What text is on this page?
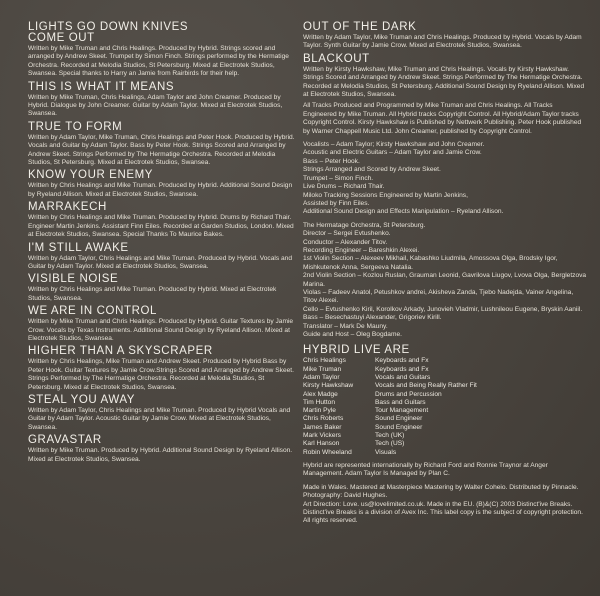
LIGHTS GO DOWN KNIVES
COME OUT

Written by Mike Truman and Chris Healings. Produced by Hybrid. Strings scored and arranged by Andrew Skeet. Trumpet by Simon Finch. Strings performed by the Hermatige Orchestra. Recorded at Melodia Studios, St Petersburg. Mixed at Electrotek Studios, Swansea. Special thanks to Harry an Jamie from Rairbirds for their help.

THIS IS WHAT IT MEANS

Written by Mike Truman, Chris Healings, Adam Taylor and John Creamer. Produced by Hybrid. Dialogue by John Creamer. Guitar by Adam Taylor. Mixed at Electrotek Studios, Swansea.

TRUE TO FORM

Written by Adam Taylor, Mike Truman, Chris Healings and Peter Hook. Produced by Hybrid. Vocals and Guitar by Adam Taylor. Bass by Peter Hook. Strings Scored and Arranged by Andrew Skeet. Strings Performed by The Hermatige Orchestra. Recorded at Melodia Studios, St Petersburg. Mixed at Electrotek Studios, Swansea.

KNOW YOUR ENEMY

Written by Chris Healings and Mike Truman. Produced by Hybrid. Additional Sound Design by Ryeland Allison. Mixed at Electrotek Studios, Swansea.

MARRAKECH

Written by Chris Healings and Mike Truman. Produced by Hybrid. Drums by Richard Thair. Engineer Martin Jenkins. Assistant Finn Eiles. Recorded at Garden Studios, London. Mixed at Electrotek Studios, Swansea. Special Thanks To Maurice Bakes.

I'M STILL AWAKE

Written by Adam Taylor, Chris Healings and Mike Truman. Produced by Hybrid. Vocals and Guitar by Adam Taylor. Mixed at Electrotek Studios, Swansea.

VISIBLE NOISE

Written by Chris Healings and Mike Truman. Produced by Hybrid. Mixed at Electrotek Studios, Swansea.

WE ARE IN CONTROL

Written by Mike Truman and Chris Healings. Produced by Hybrid. Guitar Textures by Jamie Crow. Vocals by Texas Instruments. Additional Sound Design by Ryeland Allison. Mixed at Electrotek Studios, Swansea.

HIGHER THAN A SKYSCRAPER

Written by Chris Healings, Mike Truman and Andrew Skeet. Produced by Hybrid Bass by Peter Hook. Guitar Textures by Jamie Crow.Strings Scored and Arranged by Andrew Skeet. Strings Performed by The Hermatige Orchestra. Recorded at Melodia Studios, St Petersburg. Mixed at Electrotek Studios, Swansea.

STEAL YOU AWAY

Written by Adam Taylor, Chris Healings and Mike Truman. Produced by Hybrid Vocals and Guitar by Adam Taylor. Acoustic Guitar by Jamie Crow. Mixed at Electrotek Studios, Swansea.

GRAVASTAR

Written by Mike Truman. Produced by Hybrid. Additional Sound Design by Ryeland Allison. Mixed at Electrotek Studios, Swansea.

OUT OF THE DARK

Written by Adam Taylor, Mike Truman and Chris Healings. Produced by Hybrid. Vocals by Adam Taylor. Synth Guitar by Jamie Crow. Mixed at Electrotek Studios, Swansea.

BLACKOUT

Written by Kirsty Hawkshaw, Mike Truman and Chris Healings. Vocals by Kirsty Hawkshaw. Strings Scored and Arranged by Andrew Skeet. Strings Performed by The Hermatige Orchestra. Recorded at Melodia Studios, St Petersburg. Additional Sound Design by Ryeland Allison. Mixed at Electrotek Studios, Swansea.

All Tracks Produced and Programmed by Mike Truman and Chris Healings. All Tracks Engineered by Mike Truman. All Hybrid tracks Copyright Control. All Hybrid/Adam Taylor tracks Copyright Control. Kirsty Hawkshaw is Published by Nettwerk Publishing. Peter Hook published by Warner Chappell Music Ltd. John Creamer, published by Copyright Control.

Vocalists – Adam Taylor; Kirsty Hawkshaw and John Creamer.
Acoustic and Electric Guitars – Adam Taylor and Jamie Crow.
Bass – Peter Hook.
Strings Arranged and Scored by Andrew Skeet.
Trumpet – Simon Finch.
Live Drums – Richard Thair.
Miloko Tracking Sessions Engineered by Martin Jenkins,
Assisted by Finn Eiles.
Additional Sound Design and Effects Manipulation – Ryeland Allison.

The Hermatage Orchestra, St Petersburg.
Director – Sergei Evtushenko.
Conductor – Alexander Titov.
Recording Engineer – Bareshkin Alexei.
1st Violin Section – Alexeev Mikhail, Kabashko Liudmila, Amossova Olga, Brodsky Igor, Mishkutenok Anna, Sergeeva Natalia.
2nd Violin Section – Kozlou Ruslan, Grauman Leonid, Gavrilova Liugov, Lvova Olga, Bergletzova Marina.
Violas – Fadeev Anatol, Petushkov andrei, Akisheva Zanda, Tjebo Nadejda, Vainer Angelina, Titov Alexei.
Cello – Evtushenko Kiril, Korolkov Arkady, Junovieh Vladmir, Lushnileou Eugene, Bryskin Aaniil.
Bass – Besechastuyi Alexander, Grigoriev Kirill.
Translator – Mark De Mauny.
Guide and Host – Oleg Bogdame.

HYBRID LIVE ARE
Chris Healings	Keyboards and Fx
Mike Truman	Keyboards and Fx
Adam Taylor	Vocals and Guitars
Kirsty Hawkshaw	Vocals and Being Really Rather Fit
Alex Madge	Drums and Percussion
Tim Hutton	Bass and Guitars
Martin Pyle	Tour Management
Chris Roberts	Sound Engineer
James Baker	Sound Engineer
Mark Vickers	Tech (UK)
Karl Hanson	Tech (US)
Robin Wheeland	Visuals

Hybrid are represented internationally by Richard Ford and Ronnie Traynor at Anger Management. Adam Taylor Is Managed by Plan C.

Made in Wales. Mastered at Masterpiece Mastering by Walter Coheio. Distributed by Pinnacle. Photography: David Hughes.
Art Direction: Love. us@lovelimited.co.uk. Made in the EU. (B)&(C) 2003 Distinct'ive Breaks. Distinct'ive Breaks is a division of Avex Inc. This label copy is the subject of copyright protection. All rights reserved.
